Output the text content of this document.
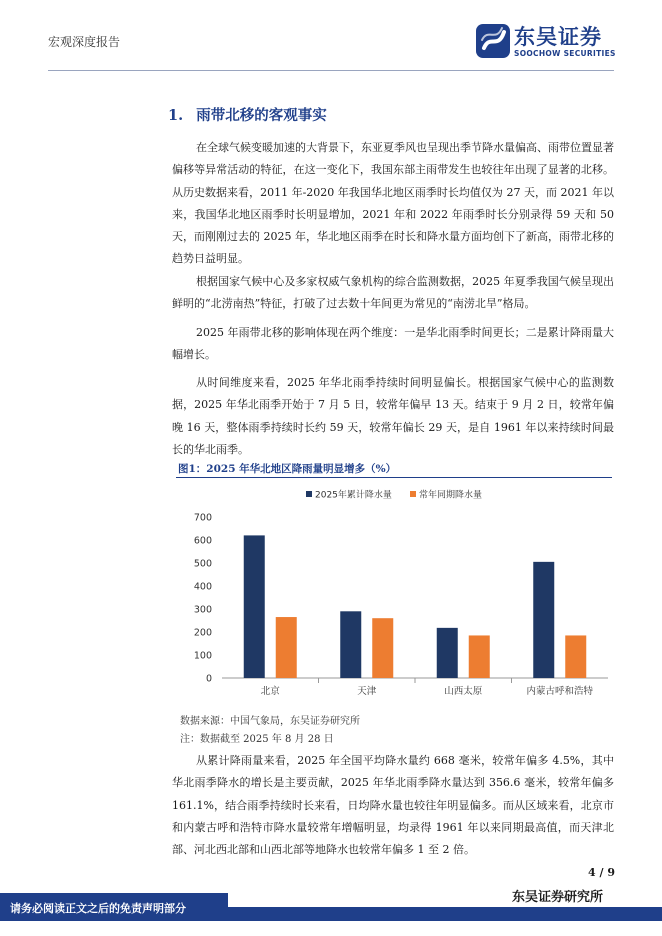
宏观深度报告	东吴证券
SOOCHOW SECURITIES
1. 雨带北移的客观事实

在全球气候变暖加速的大背景下，东亚夏季风也呈现出季节降水量偏高、雨带位置显著偏移等异常活动的特征，在这一变化下，我国东部主雨带发生也较往年出现了显著的北移。从历史数据来看，2011 年-2020 年我国华北地区雨季时长均值仅为 27 天，而 2021 年以来，我国华北地区雨季时长明显增加，2021 年和 2022 年雨季时长分别录得 59 天和 50 天，而刚刚过去的 2025 年，华北地区雨季在时长和降水量方面均创下了新高，雨带北移的趋势日益明显。

根据国家气候中心及多家权威气象机构的综合监测数据，2025 年夏季我国气候呈现出鲜明的“北涝南热”特征，打破了过去数十年间更为常见的“南涝北旱”格局。

2025 年雨带北移的影响体现在两个维度：一是华北雨季时间更长；二是累计降雨量大幅增长。

从时间维度来看，2025 年华北雨季持续时间明显偏长。根据国家气候中心的监测数据，2025 年华北雨季开始于 7 月 5 日，较常年偏早 13 天。结束于 9 月 2 日，较常年偏晚 16 天，整体雨季持续时长约 59 天，较常年偏长 29 天，是自 1961 年以来持续时间最长的华北雨季。

图1：2025 年华北地区降雨量明显增多（%）
2025年累计降水量	常年同期降水量
0
100
200
300
400
500
600
700
北京	天津	山西太原	内蒙古呼和浩特
数据来源：中国气象局，东吴证券研究所
注：数据截至 2025 年 8 月 28 日

从累计降雨量来看，2025 年全国平均降水量约 668 毫米，较常年偏多 4.5%，其中华北雨季降水的增长是主要贡献，2025 年华北雨季降水量达到 356.6 毫米，较常年偏多 161.1%，结合雨季持续时长来看，日均降水量也较往年明显偏多。而从区域来看，北京市和内蒙古呼和浩特市降水量较常年增幅明显，均录得 1961 年以来同期最高值，而天津北部、河北西北部和山西北部等地降水也较常年偏多 1 至 2 倍。

4 / 9
东吴证券研究所
请务必阅读正文之后的免责声明部分
